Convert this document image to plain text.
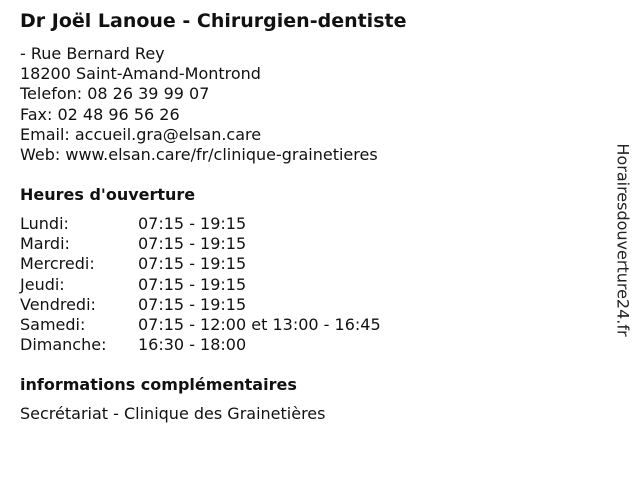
Dr Joël Lanoue - Chirurgien-dentiste
- Rue Bernard Rey
18200 Saint-Amand-Montrond
Telefon: 08 26 39 99 07
Fax: 02 48 96 56 26
Email: accueil.gra@elsan.care
Web: www.elsan.care/fr/clinique-grainetieres
Heures d'ouverture
Lundi:	07:15 - 19:15
Mardi:	07:15 - 19:15
Mercredi:	07:15 - 19:15
Jeudi:	07:15 - 19:15
Vendredi:	07:15 - 19:15
Samedi:	07:15 - 12:00 et 13:00 - 16:45
Dimanche:	16:30 - 18:00
informations complémentaires
Secrétariat - Clinique des Grainetières
Horairesdouverture24.fr
